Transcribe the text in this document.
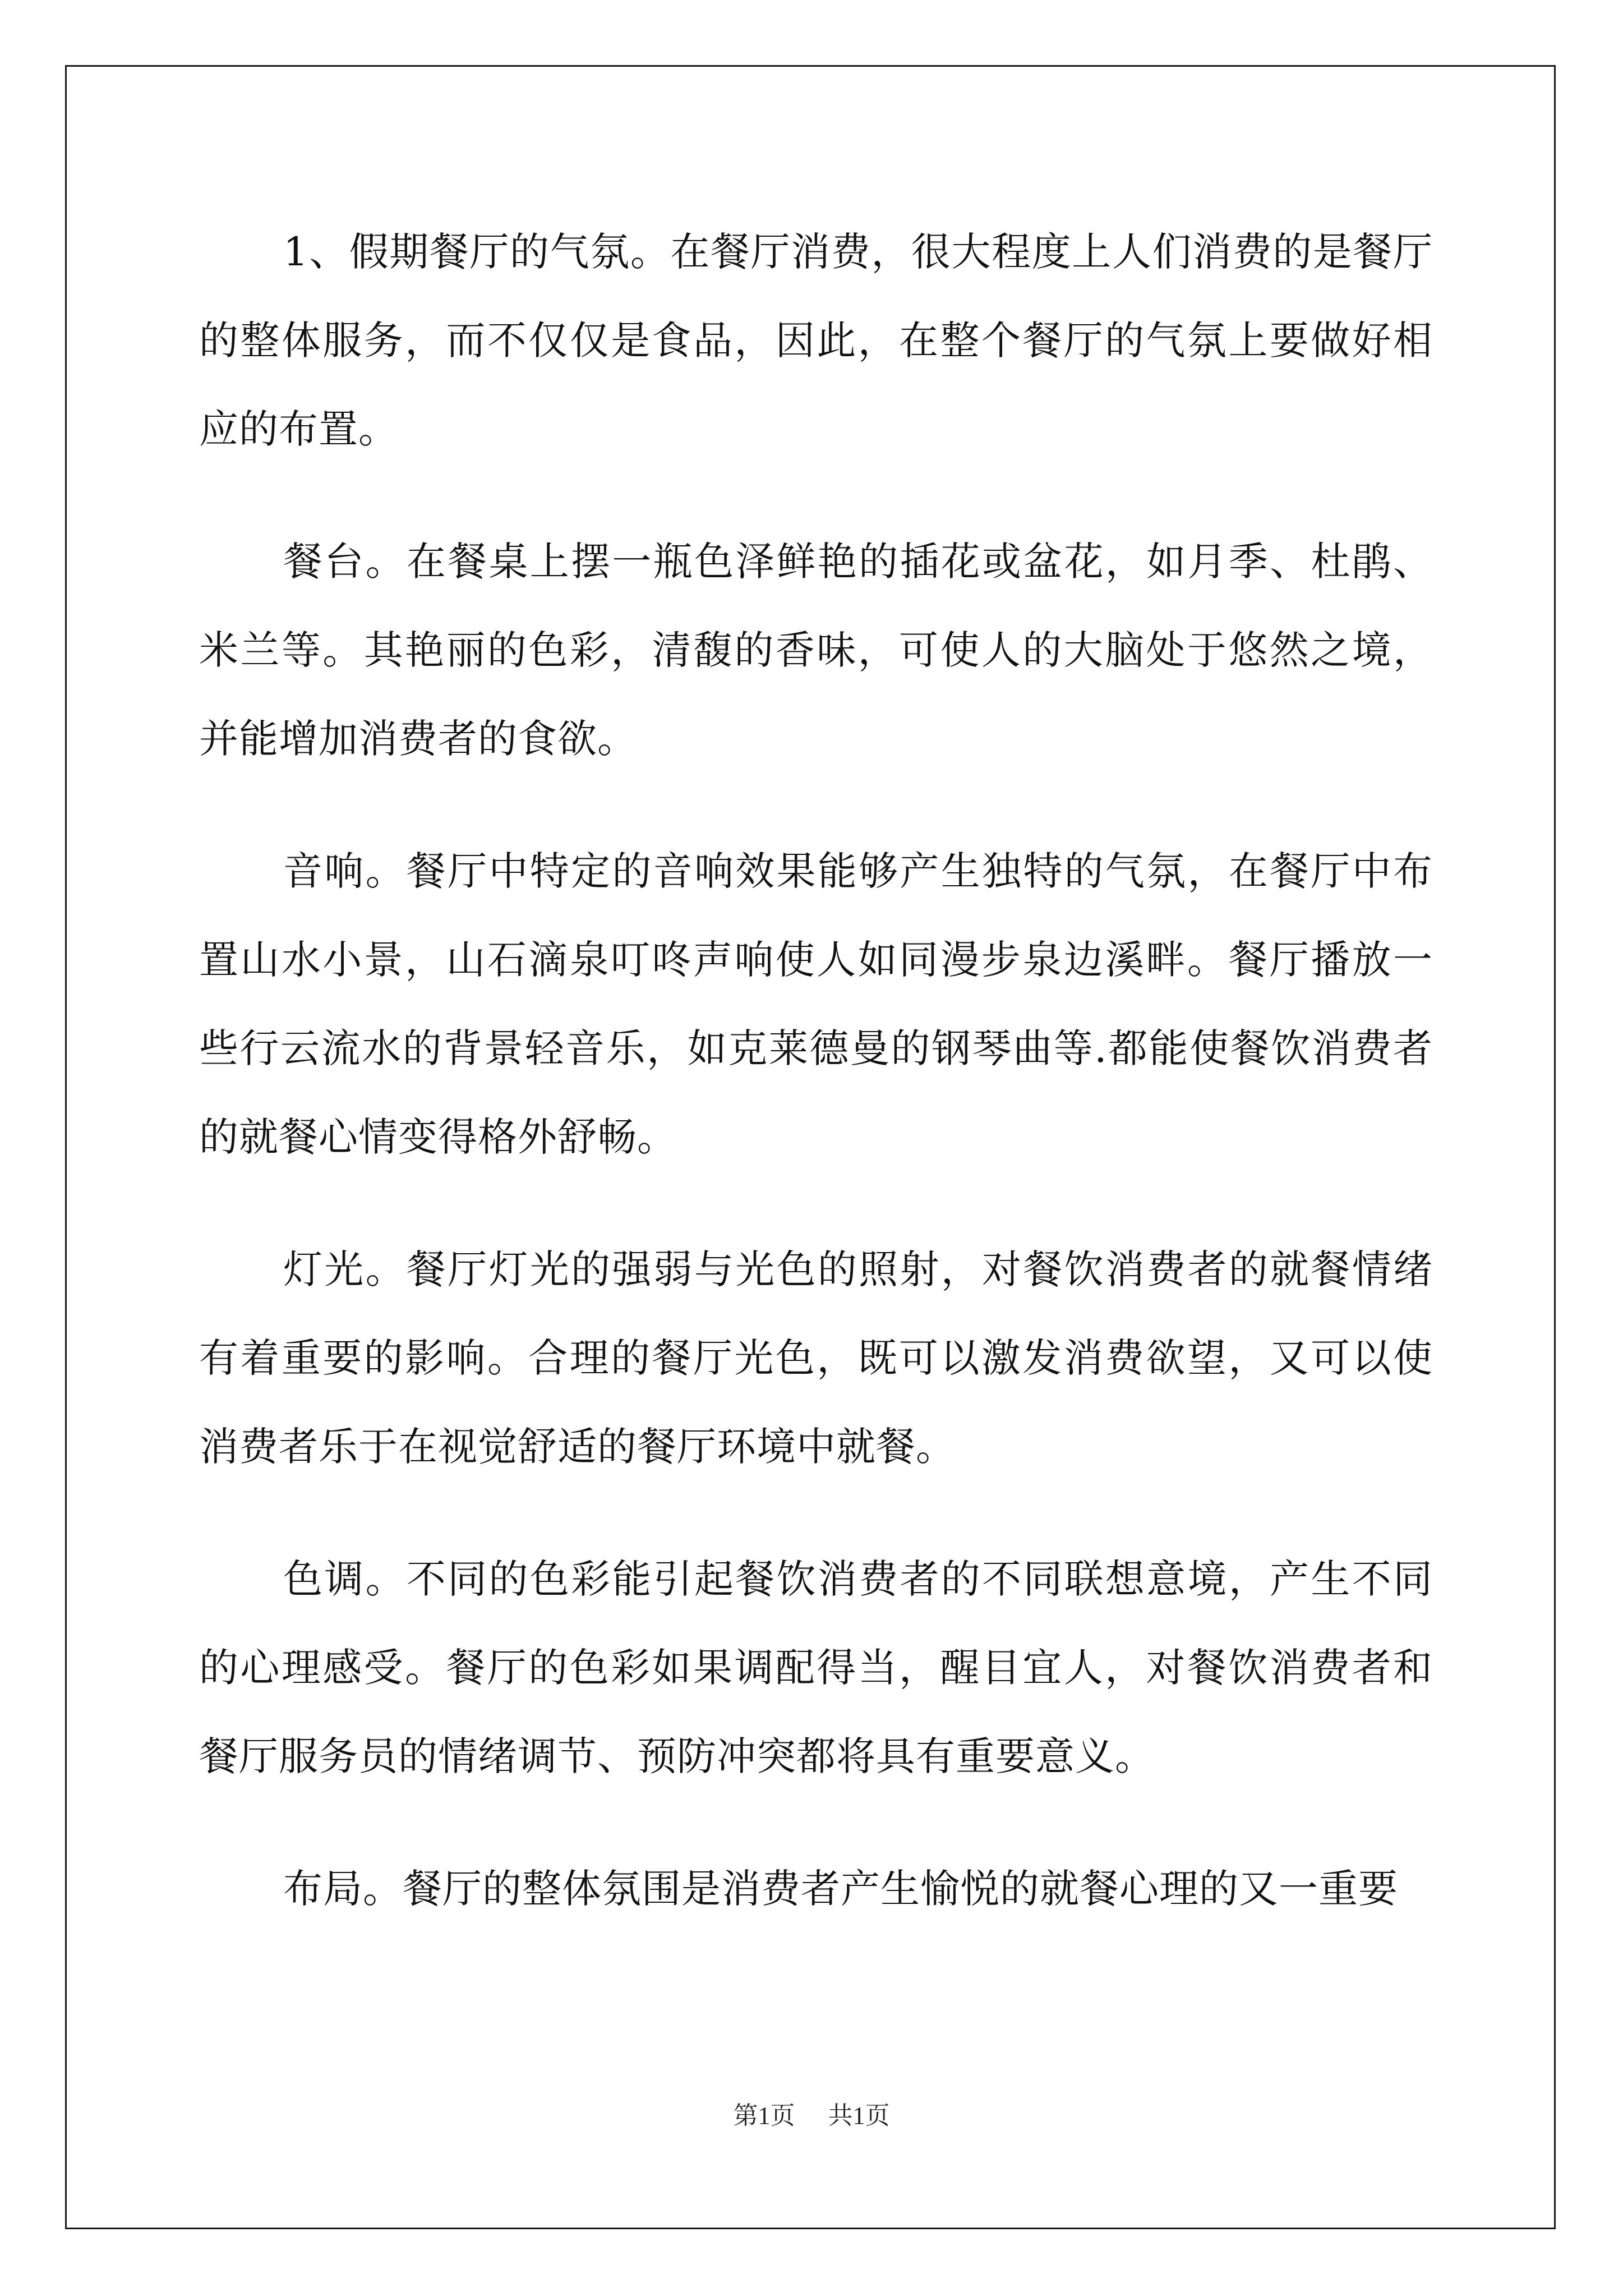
1、假期餐厅的气氛。在餐厅消费，很大程度上人们消费的是餐厅的整体服务，而不仅仅是食品，因此，在整个餐厅的气氛上要做好相应的布置。

餐台。在餐桌上摆一瓶色泽鲜艳的插花或盆花，如月季、杜鹃、米兰等。其艳丽的色彩，清馥的香味，可使人的大脑处于悠然之境，并能增加消费者的食欲。

音响。餐厅中特定的音响效果能够产生独特的气氛，在餐厅中布置山水小景，山石滴泉叮咚声响使人如同漫步泉边溪畔。餐厅播放一些行云流水的背景轻音乐，如克莱德曼的钢琴曲等.都能使餐饮消费者的就餐心情变得格外舒畅。

灯光。餐厅灯光的强弱与光色的照射，对餐饮消费者的就餐情绪有着重要的影响。合理的餐厅光色，既可以激发消费欲望，又可以使消费者乐于在视觉舒适的餐厅环境中就餐。

色调。不同的色彩能引起餐饮消费者的不同联想意境，产生不同的心理感受。餐厅的色彩如果调配得当，醒目宜人，对餐饮消费者和餐厅服务员的情绪调节、预防冲突都将具有重要意义。

布局。餐厅的整体氛围是消费者产生愉悦的就餐心理的又一重要

第1页 共1页
